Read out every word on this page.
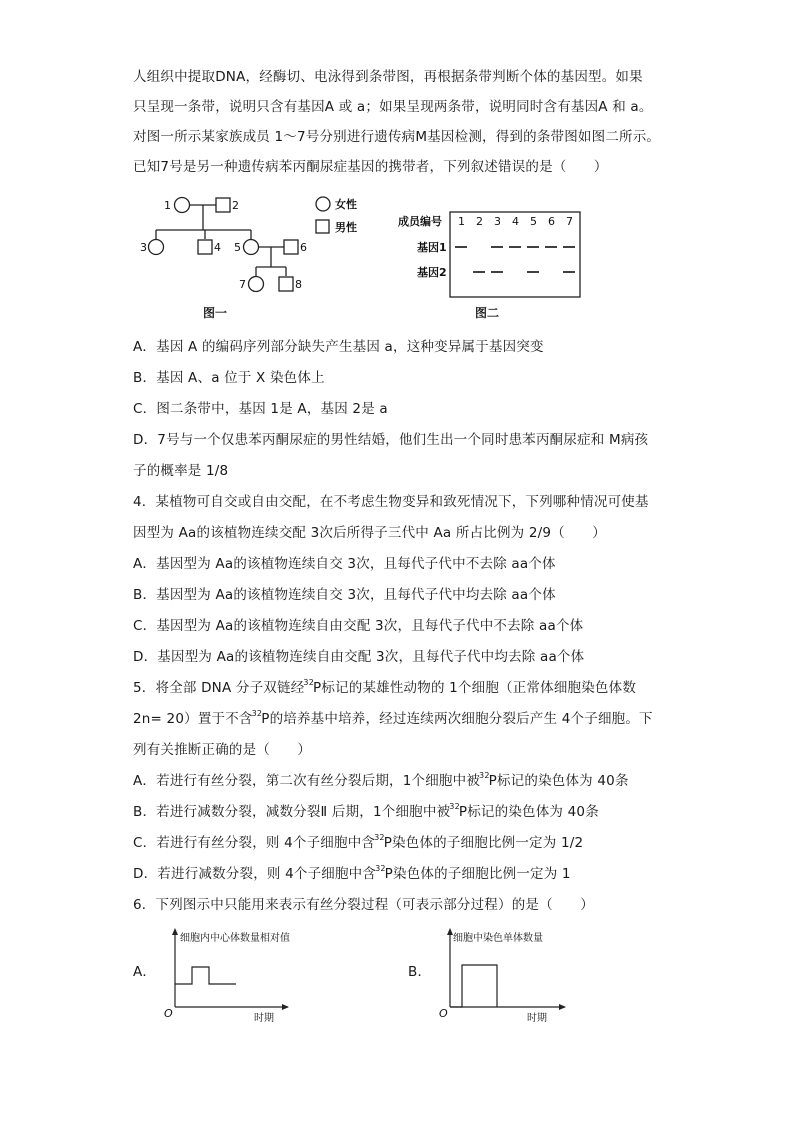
人组织中提取DNA，经酶切、电泳得到条带图，再根据条带判断个体的基因型。如果
只呈现一条带，说明只含有基因A 或 a；如果呈现两条带，说明同时含有基因A 和 a。
对图一所示某家族成员 1～7号分别进行遗传病M基因检测，得到的条带图如图二所示。
已知7号是另一种遗传病苯丙酮尿症基因的携带者，下列叙述错误的是（　　）
1	2
3	4 5	6
7	8
女性
男性
图一
成员编号
基因1
基因2
1 2 3 4 5 6 7
图二
A．基因 A 的编码序列部分缺失产生基因 a，这种变异属于基因突变
B．基因 A、a 位于 X 染色体上
C．图二条带中，基因 1是 A，基因 2是 a
D．7号与一个仅患苯丙酮尿症的男性结婚，他们生出一个同时患苯丙酮尿症和 M病孩
子的概率是 1/8
4．某植物可自交或自由交配，在不考虑生物变异和致死情况下，下列哪种情况可使基
因型为 Aa的该植物连续交配 3次后所得子三代中 Aa 所占比例为 2/9（　　）
A．基因型为 Aa的该植物连续自交 3次，且每代子代中不去除 aa个体
B．基因型为 Aa的该植物连续自交 3次，且每代子代中均去除 aa个体
C．基因型为 Aa的该植物连续自由交配 3次，且每代子代中不去除 aa个体
D．基因型为 Aa的该植物连续自由交配 3次，且每代子代中均去除 aa个体
5．将全部 DNA 分子双链经$^{32}$P标记的某雄性动物的 1个细胞（正常体细胞染色体数
2n= 20）置于不含$^{32}$P的培养基中培养，经过连续两次细胞分裂后产生 4个子细胞。下
列有关推断正确的是（　　）
A．若进行有丝分裂，第二次有丝分裂后期，1个细胞中被$^{32}$P标记的染色体为 40条
B．若进行减数分裂，减数分裂Ⅱ 后期，1个细胞中被$^{32}$P标记的染色体为 40条
C．若进行有丝分裂，则 4个子细胞中含$^{32}$P染色体的子细胞比例一定为 1/2
D．若进行减数分裂，则 4个子细胞中含$^{32}$P染色体的子细胞比例一定为 1
6．下列图示中只能用来表示有丝分裂过程（可表示部分过程）的是（　　）
A．	B．
细胞内中心体数量相对值
O	时期
细胞中染色单体数量
O	时期
